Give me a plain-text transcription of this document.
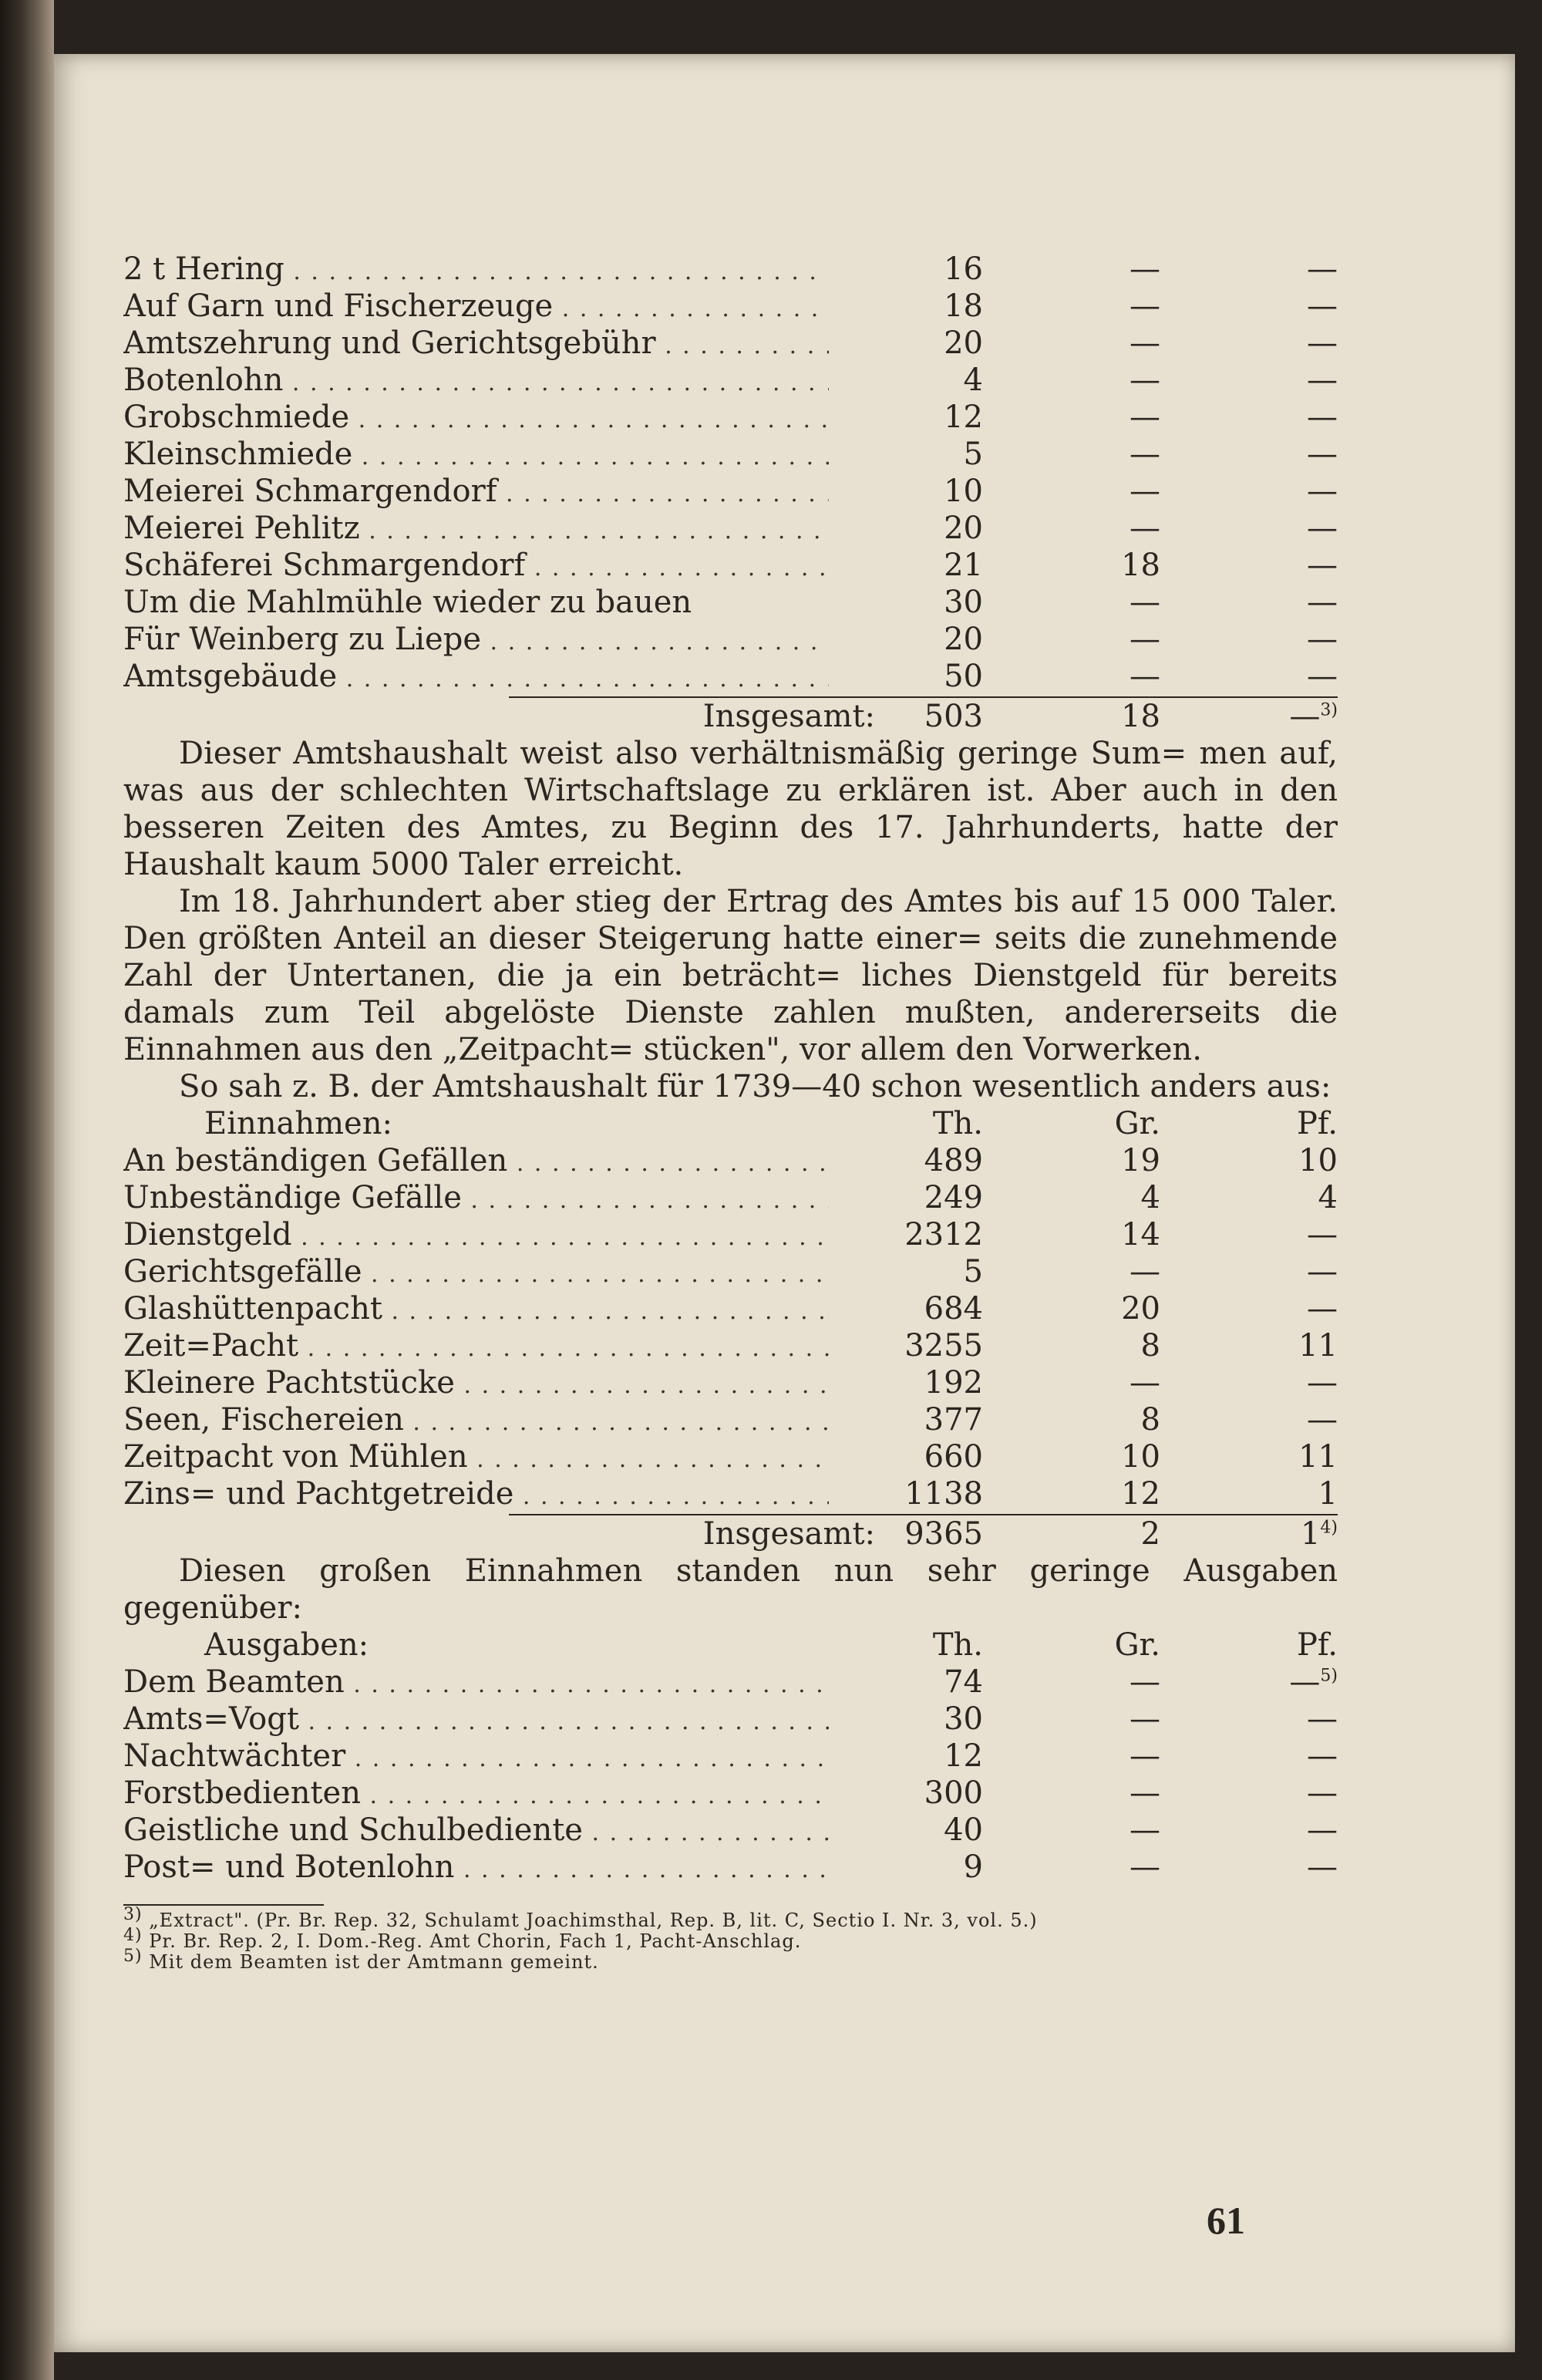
2 t Hering . . .	16	—	—
Auf Garn und Fischerzeuge . . .	18	—	—
Amtszehrung und Gerichtsgebühr . . .	20	—	—
Botenlohn . . .	4	—	—
Grobschmiede . . .	12	—	—
Kleinschmiede . . .	5	—	—
Meierei Schmargendorf . . .	10	—	—
Meierei Pehlitz . . .	20	—	—
Schäferei Schmargendorf . . .	21	18	—
Um die Mahlmühle wieder zu bauen	30	—	—
Für Weinberg zu Liepe . . .	20	—	—
Amtsgebäude . . .	50	—	—
Insgesamt:	503	18	—$^{3)}$

Dieser Amtshaushalt weist also verhältnismäßig geringe Sum= men auf, was aus der schlechten Wirtschaftslage zu erklären ist. Aber auch in den besseren Zeiten des Amtes, zu Beginn des 17. Jahrhunderts, hatte der Haushalt kaum 5000 Taler erreicht.

Im 18. Jahrhundert aber stieg der Ertrag des Amtes bis auf 15 000 Taler. Den größten Anteil an dieser Steigerung hatte einer= seits die zunehmende Zahl der Untertanen, die ja ein beträcht= liches Dienstgeld für bereits damals zum Teil abgelöste Dienste zahlen mußten, andererseits die Einnahmen aus den „Zeitpacht= stücken", vor allem den Vorwerken.

So sah z. B. der Amtshaushalt für 1739—40 schon wesentlich anders aus:

Einnahmen:	Th.	Gr.	Pf.
An beständigen Gefällen . . .	489	19	10
Unbeständige Gefälle . . .	249	4	4
Dienstgeld . . .	2312	14	—
Gerichtsgefälle . . .	5	—	—
Glashüttenpacht . . .	684	20	—
Zeit=Pacht . . .	3255	8	11
Kleinere Pachtstücke . . .	192	—	—
Seen, Fischereien . . .	377	8	—
Zeitpacht von Mühlen . . .	660	10	11
Zins= und Pachtgetreide . . .	1138	12	1
Insgesamt: 9365	2	1$^{4)}$

Diesen großen Einnahmen standen nun sehr geringe Ausgaben gegenüber:

Ausgaben:	Th.	Gr.	Pf.
Dem Beamten . . .	74	—	—$^{5)}$
Amts=Vogt . . .	30	—	—
Nachtwächter . . .	12	—	—
Forstbedienten . . .	300	—	—
Geistliche und Schulbediente . . .	40	—	—
Post= und Botenlohn . . .	9	—	—
$^{3)}$ „Extract". (Pr. Br. Rep. 32, Schulamt Joachimsthal, Rep. B, lit. C, Sectio I. Nr. 3, vol. 5.)
$^{4)}$ Pr. Br. Rep. 2, I. Dom.-Reg. Amt Chorin, Fach 1, Pacht-Anschlag.
$^{5)}$ Mit dem Beamten ist der Amtmann gemeint.
61
